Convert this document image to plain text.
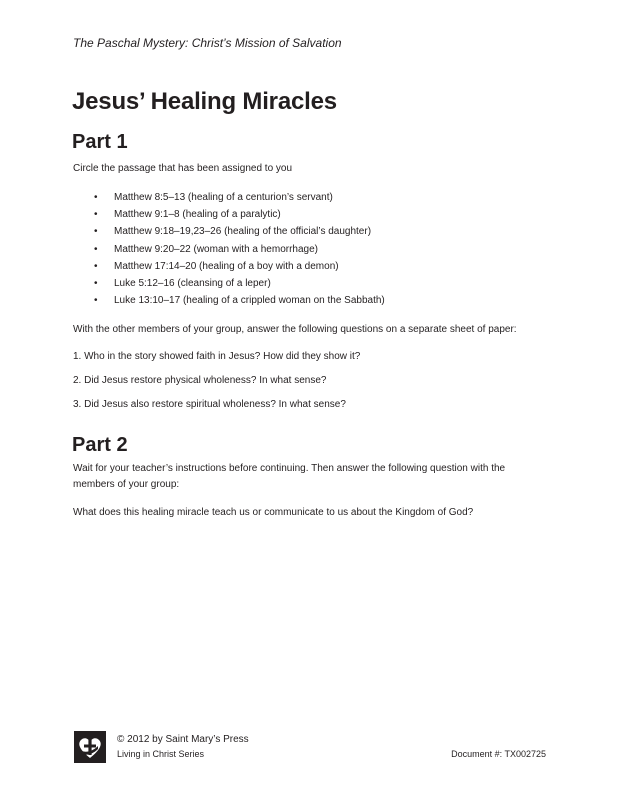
The Paschal Mystery: Christ’s Mission of Salvation
Jesus’ Healing Miracles
Part 1

Circle the passage that has been assigned to you

• Matthew 8:5–13 (healing of a centurion’s servant)
• Matthew 9:1–8 (healing of a paralytic)
• Matthew 9:18–19,23–26 (healing of the official’s daughter)
• Matthew 9:20–22 (woman with a hemorrhage)
• Matthew 17:14–20 (healing of a boy with a demon)
• Luke 5:12–16 (cleansing of a leper)
• Luke 13:10–17 (healing of a crippled woman on the Sabbath)

With the other members of your group, answer the following questions on a separate sheet of paper:

1. Who in the story showed faith in Jesus? How did they show it?
2. Did Jesus restore physical wholeness? In what sense?
3. Did Jesus also restore spiritual wholeness? In what sense?
Part 2

Wait for your teacher’s instructions before continuing. Then answer the following question with the members of your group:

What does this healing miracle teach us or communicate to us about the Kingdom of God?

© 2012 by Saint Mary’s Press
Living in Christ Series	Document #: TX002725
